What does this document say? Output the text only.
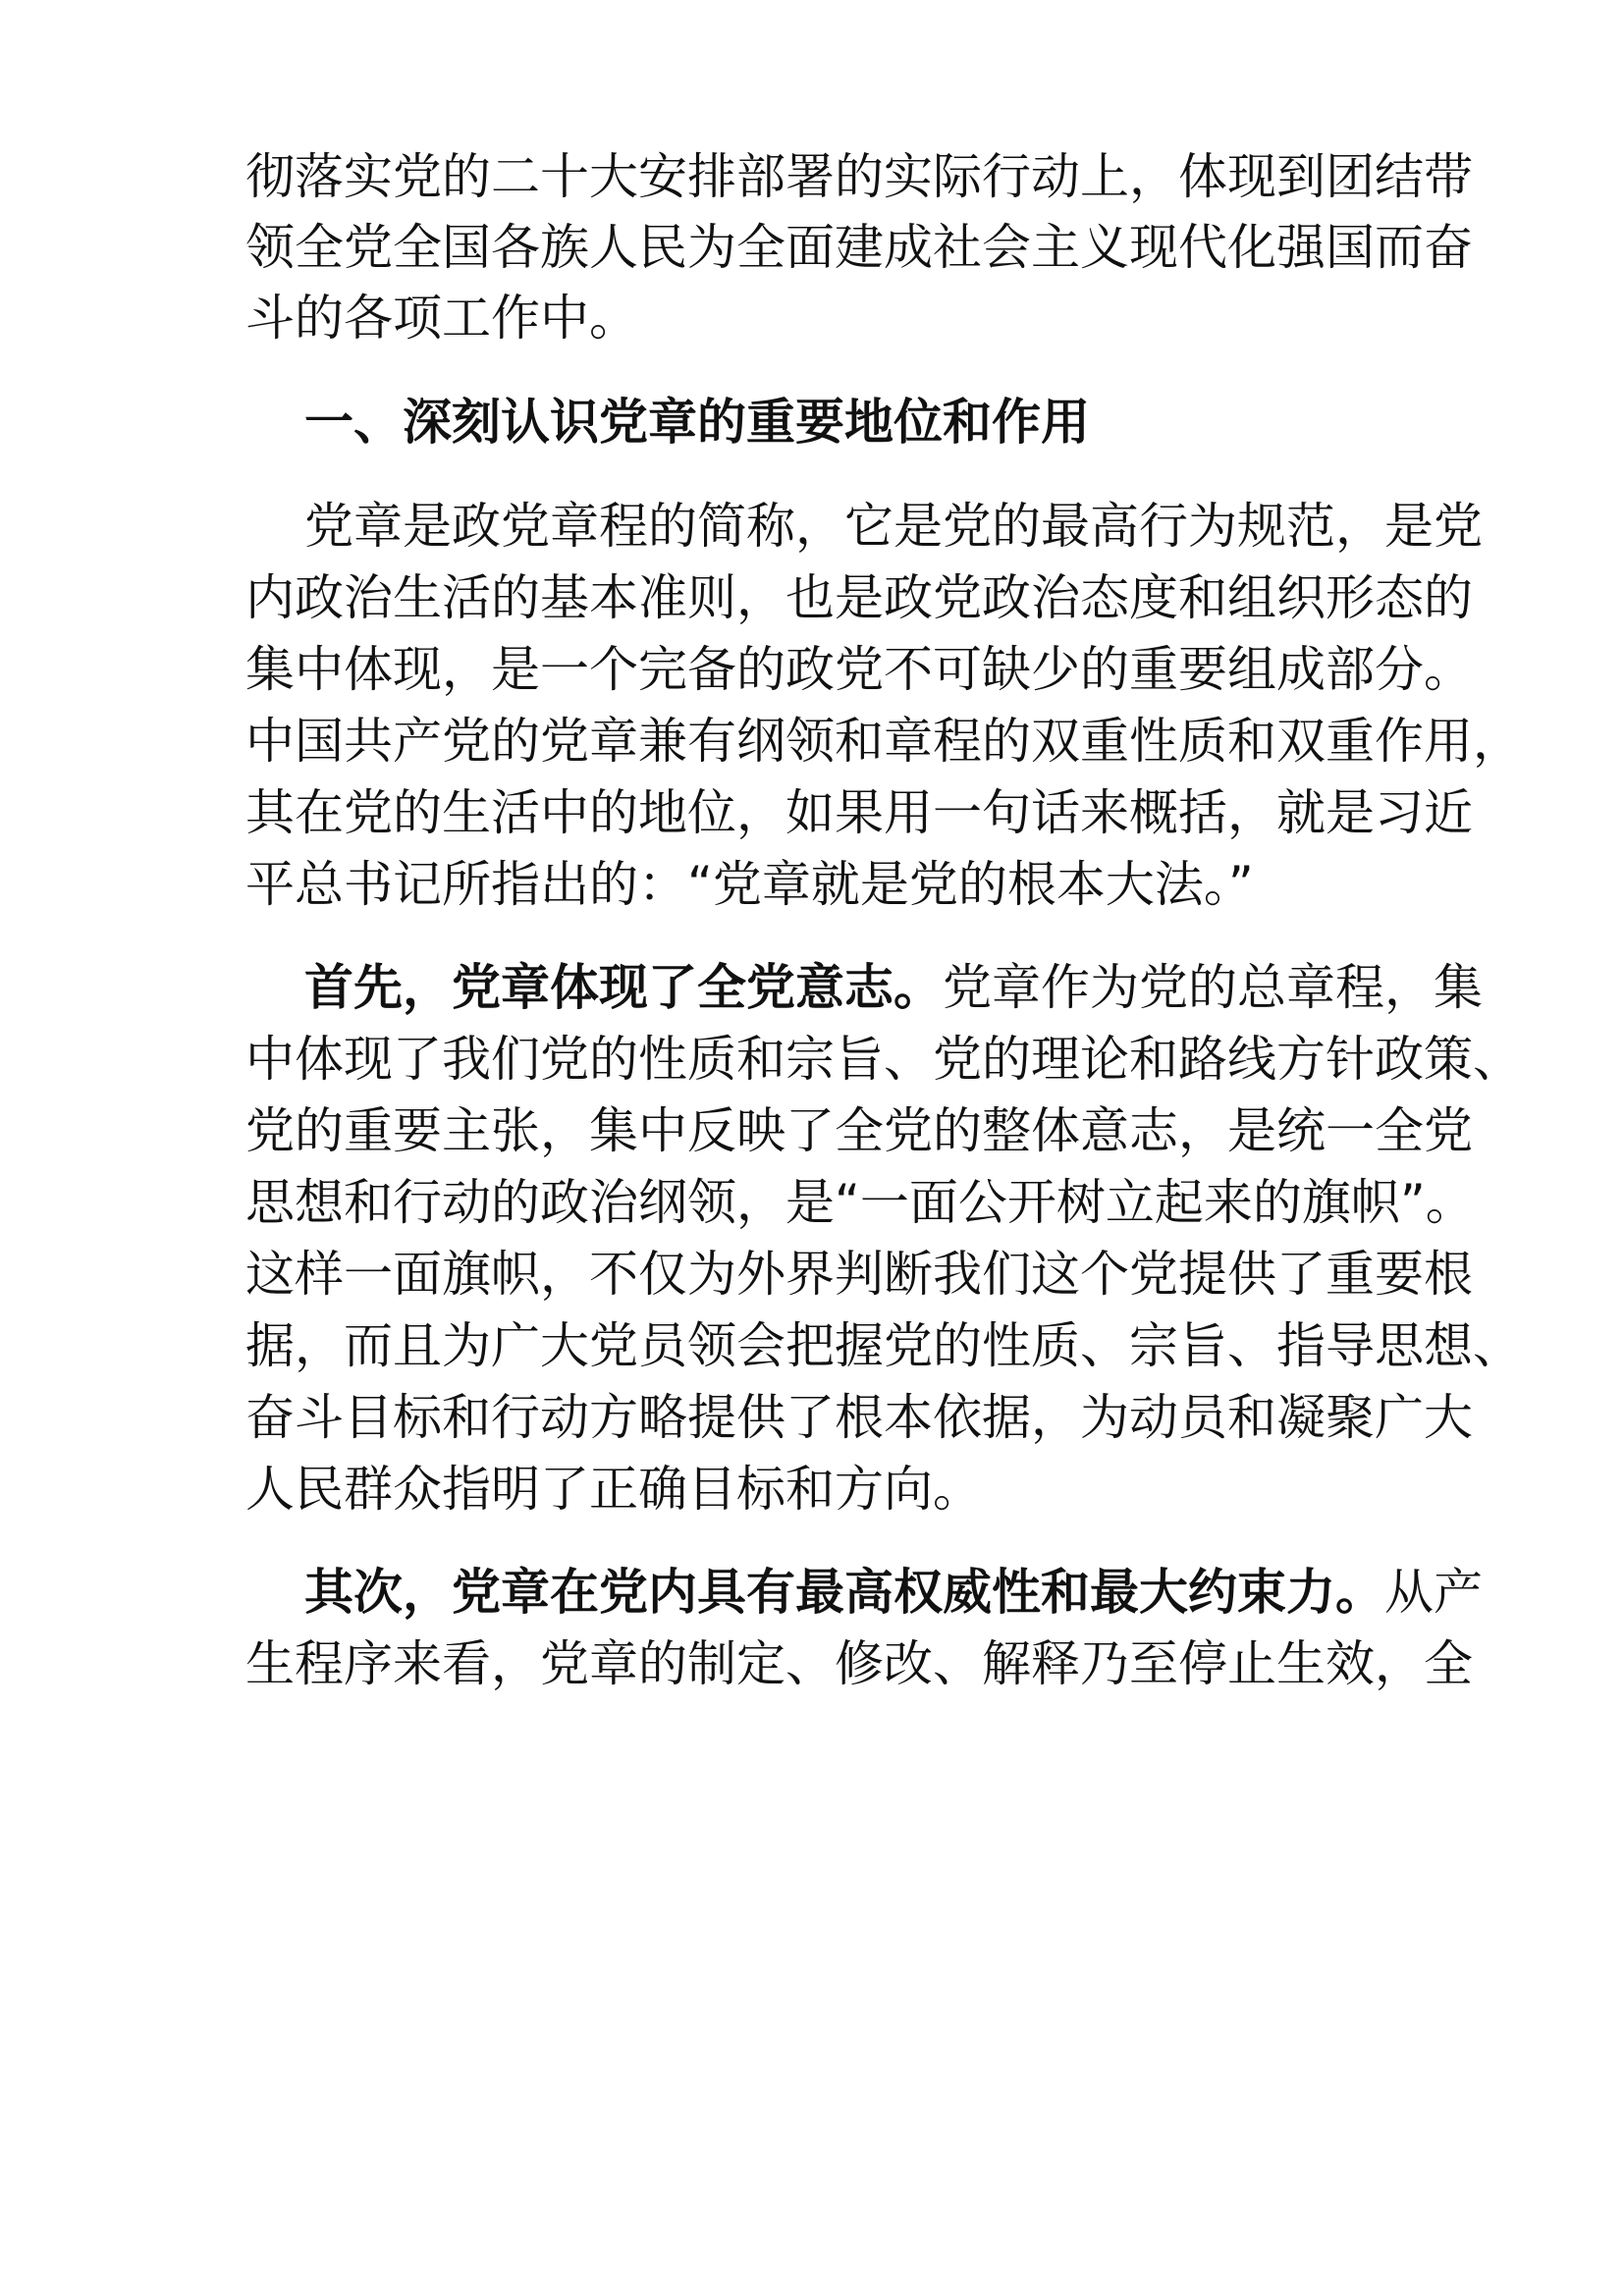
彻落实党的二十大安排部署的实际行动上，体现到团结带
领全党全国各族人民为全面建成社会主义现代化强国而奋
斗的各项工作中。
一、深刻认识党章的重要地位和作用
党章是政党章程的简称，它是党的最高行为规范，是党
内政治生活的基本准则，也是政党政治态度和组织形态的
集中体现，是一个完备的政党不可缺少的重要组成部分。
中国共产党的党章兼有纲领和章程的双重性质和双重作用，
其在党的生活中的地位，如果用一句话来概括，就是习近
平总书记所指出的：“党章就是党的根本大法。”
首先，党章体现了全党意志。党章作为党的总章程，集
中体现了我们党的性质和宗旨、党的理论和路线方针政策、
党的重要主张，集中反映了全党的整体意志，是统一全党
思想和行动的政治纲领，是“一面公开树立起来的旗帜”。
这样一面旗帜，不仅为外界判断我们这个党提供了重要根
据，而且为广大党员领会把握党的性质、宗旨、指导思想、
奋斗目标和行动方略提供了根本依据，为动员和凝聚广大
人民群众指明了正确目标和方向。
其次，党章在党内具有最高权威性和最大约束力。从产
生程序来看，党章的制定、修改、解释乃至停止生效，全
